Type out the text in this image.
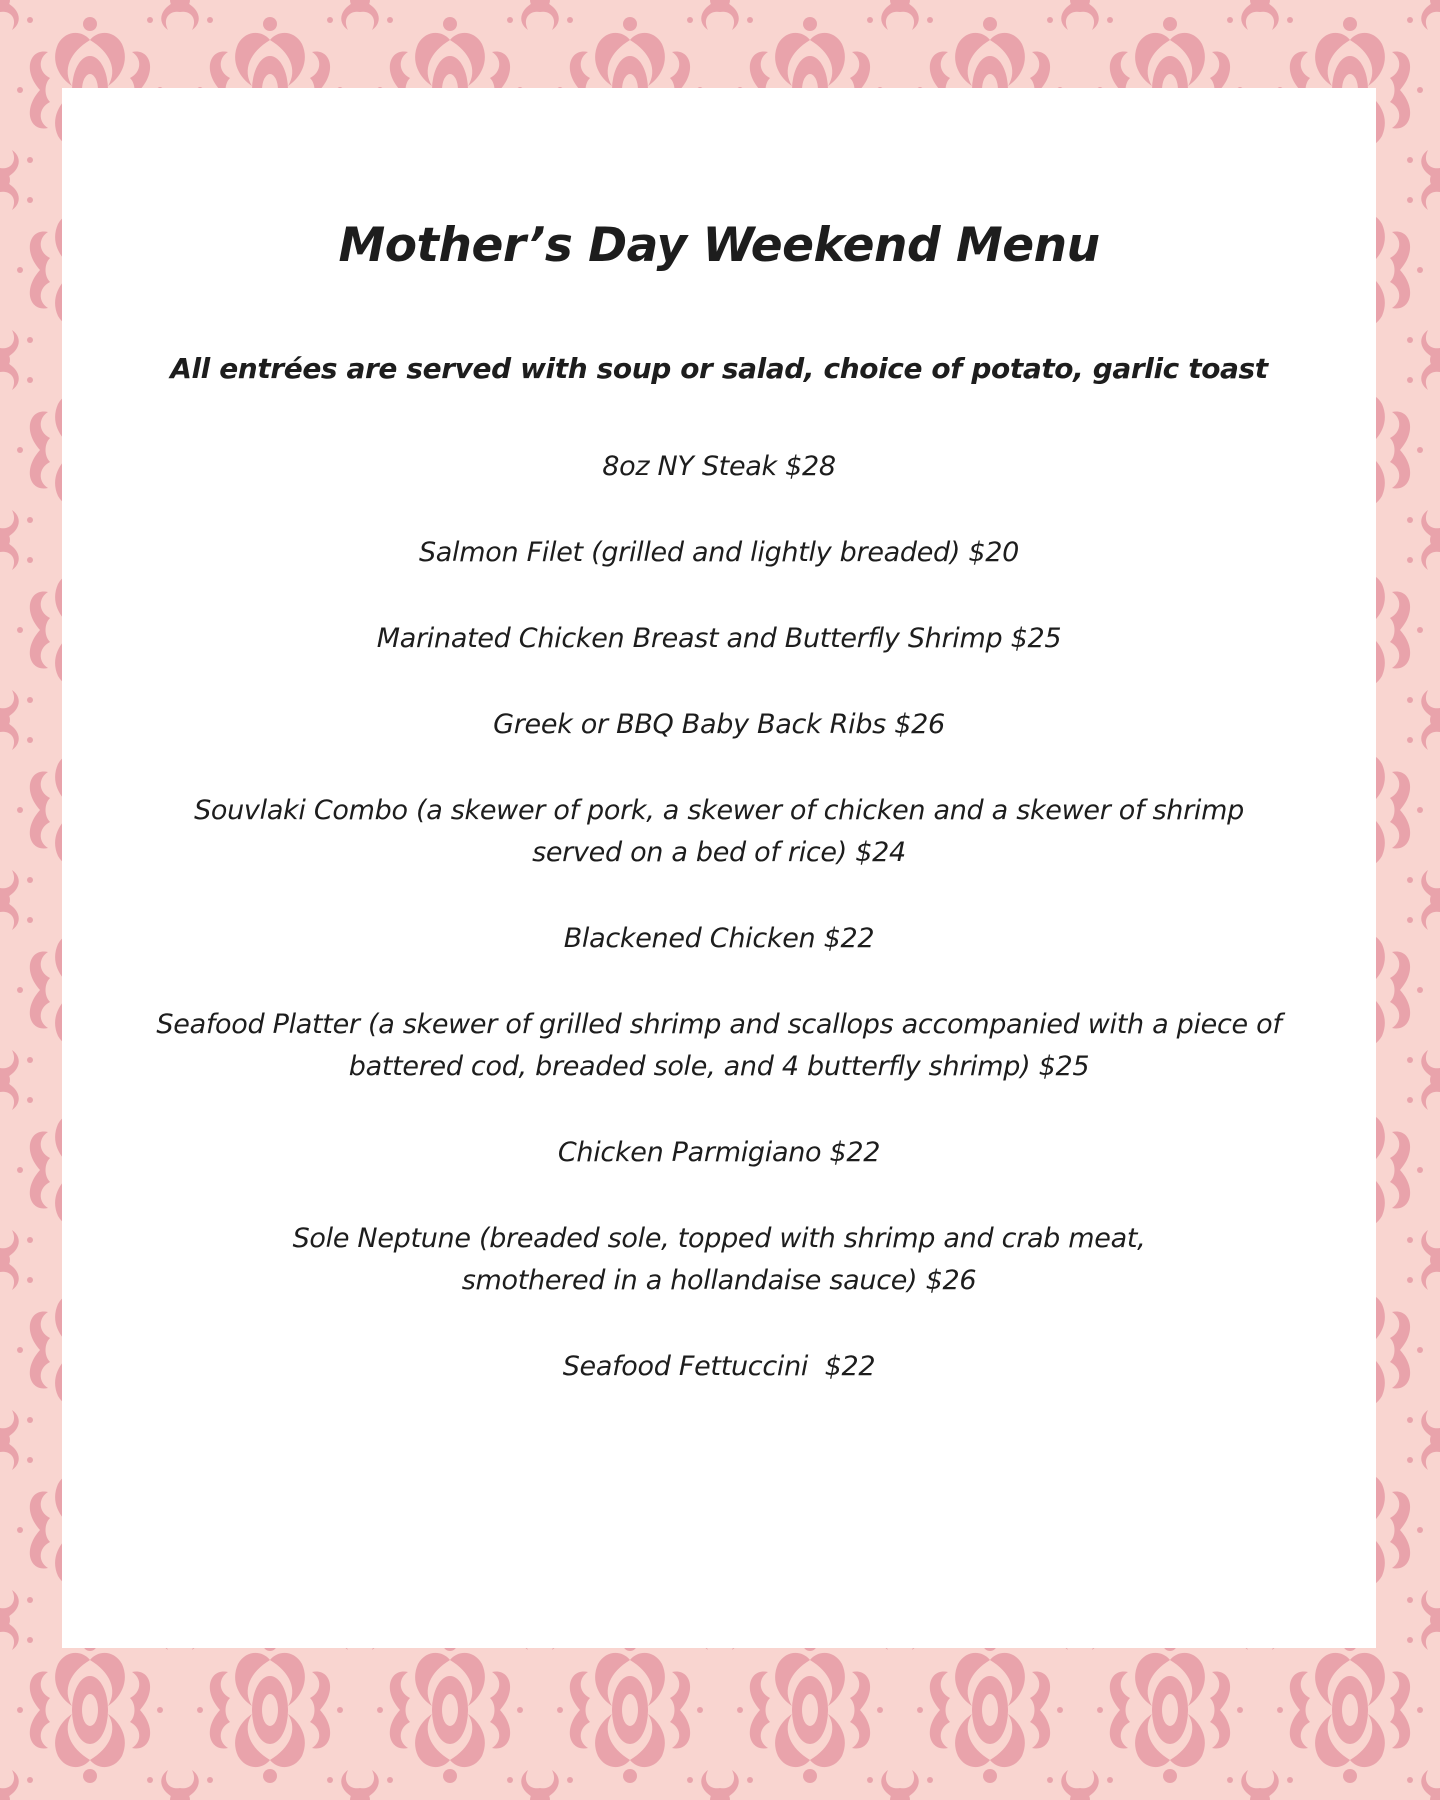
Mother’s Day Weekend Menu

All entrées are served with soup or salad, choice of potato, garlic toast

8oz NY Steak $28
Salmon Filet (grilled and lightly breaded) $20
Marinated Chicken Breast and Butterfly Shrimp $25
Greek or BBQ Baby Back Ribs $26
Souvlaki Combo (a skewer of pork, a skewer of chicken and a skewer of shrimp served on a bed of rice) $24
Blackened Chicken $22
Seafood Platter (a skewer of grilled shrimp and scallops accompanied with a piece of battered cod, breaded sole, and 4 butterfly shrimp) $25
Chicken Parmigiano $22
Sole Neptune (breaded sole, topped with shrimp and crab meat, smothered in a hollandaise sauce) $26
Seafood Fettuccini  $22
